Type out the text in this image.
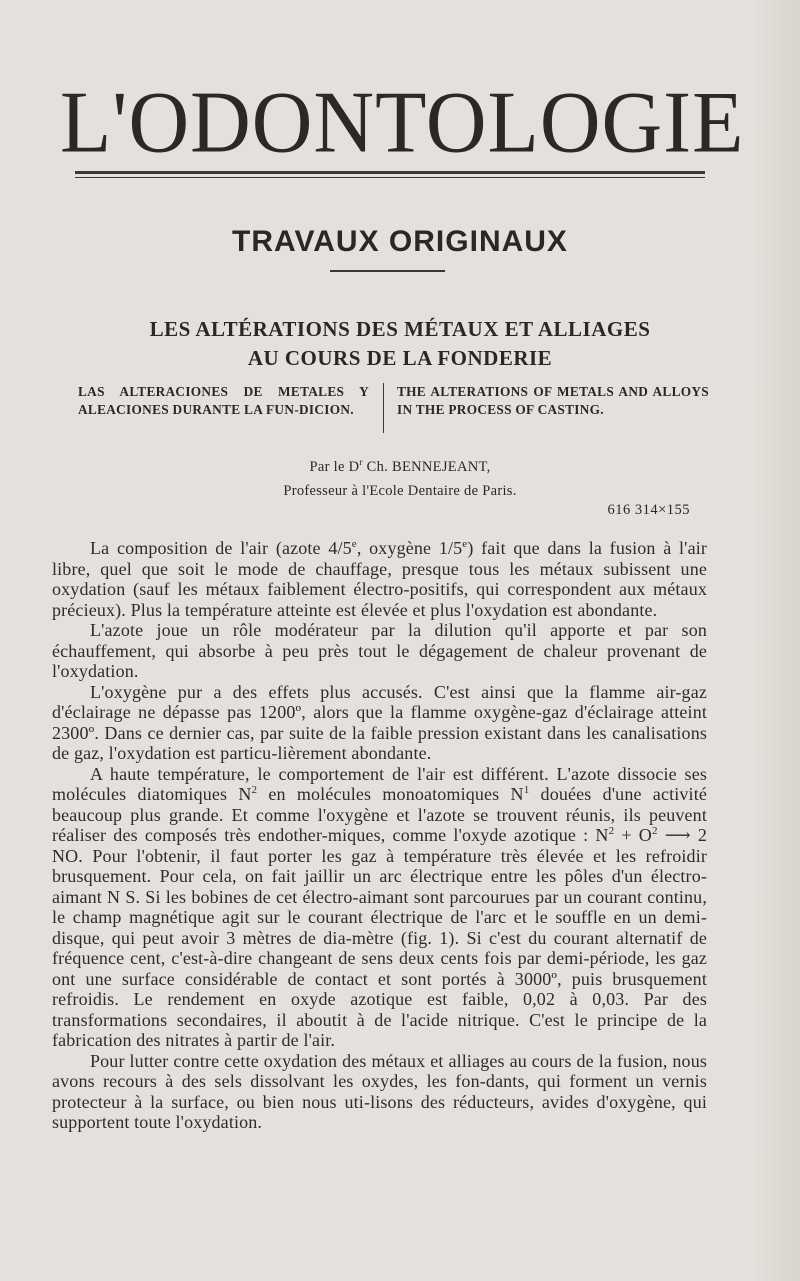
L'ODONTOLOGIE
TRAVAUX ORIGINAUX
LES ALTÉRATIONS DES MÉTAUX ET ALLIAGES
AU COURS DE LA FONDERIE
LAS ALTERACIONES DE METALES Y ALEACIONES DURANTE LA FUN-DICION.
THE ALTERATIONS OF METALS AND ALLOYS IN THE PROCESS OF CASTING.
Par le $D^r$ Ch. BENNEJEANT,
Professeur à l'Ecole Dentaire de Paris.
616 314×155

La composition de l'air (azote 4/5e, oxygène 1/5e) fait que dans la fusion à l'air libre, quel que soit le mode de chauffage, presque tous les métaux subissent une oxydation (sauf les métaux faiblement électro-positifs, qui correspondent aux métaux précieux). Plus la température atteinte est élevée et plus l'oxydation est abondante.

L'azote joue un rôle modérateur par la dilution qu'il apporte et par son échauffement, qui absorbe à peu près tout le dégagement de chaleur provenant de l'oxydation.

L'oxygène pur a des effets plus accusés. C'est ainsi que la flamme air-gaz d'éclairage ne dépasse pas 1200º, alors que la flamme oxygène-gaz d'éclairage atteint 2300º. Dans ce dernier cas, par suite de la faible pression existant dans les canalisations de gaz, l'oxydation est particu-lièrement abondante.

A haute température, le comportement de l'air est différent. L'azote dissocie ses molécules diatomiques $N^2$ en molécules monoatomiques $N^1$ douées d'une activité beaucoup plus grande. Et comme l'oxygène et l'azote se trouvent réunis, ils peuvent réaliser des composés très endother-miques, comme l'oxyde azotique : $N^2 + O^2$ ⟶ 2 NO. Pour l'obtenir, il faut porter les gaz à température très élevée et les refroidir brusquement. Pour cela, on fait jaillir un arc électrique entre les pôles d'un électro-aimant N S. Si les bobines de cet électro-aimant sont parcourues par un courant continu, le champ magnétique agit sur le courant électrique de l'arc et le souffle en un demi-disque, qui peut avoir 3 mètres de dia-mètre (fig. 1). Si c'est du courant alternatif de fréquence cent, c'est-à-dire changeant de sens deux cents fois par demi-période, les gaz ont une surface considérable de contact et sont portés à 3000º, puis brusquement refroidis. Le rendement en oxyde azotique est faible, 0,02 à 0,03. Par des transformations secondaires, il aboutit à de l'acide nitrique. C'est le principe de la fabrication des nitrates à partir de l'air.

Pour lutter contre cette oxydation des métaux et alliages au cours de la fusion, nous avons recours à des sels dissolvant les oxydes, les fon-dants, qui forment un vernis protecteur à la surface, ou bien nous uti-lisons des réducteurs, avides d'oxygène, qui supportent toute l'oxydation.
